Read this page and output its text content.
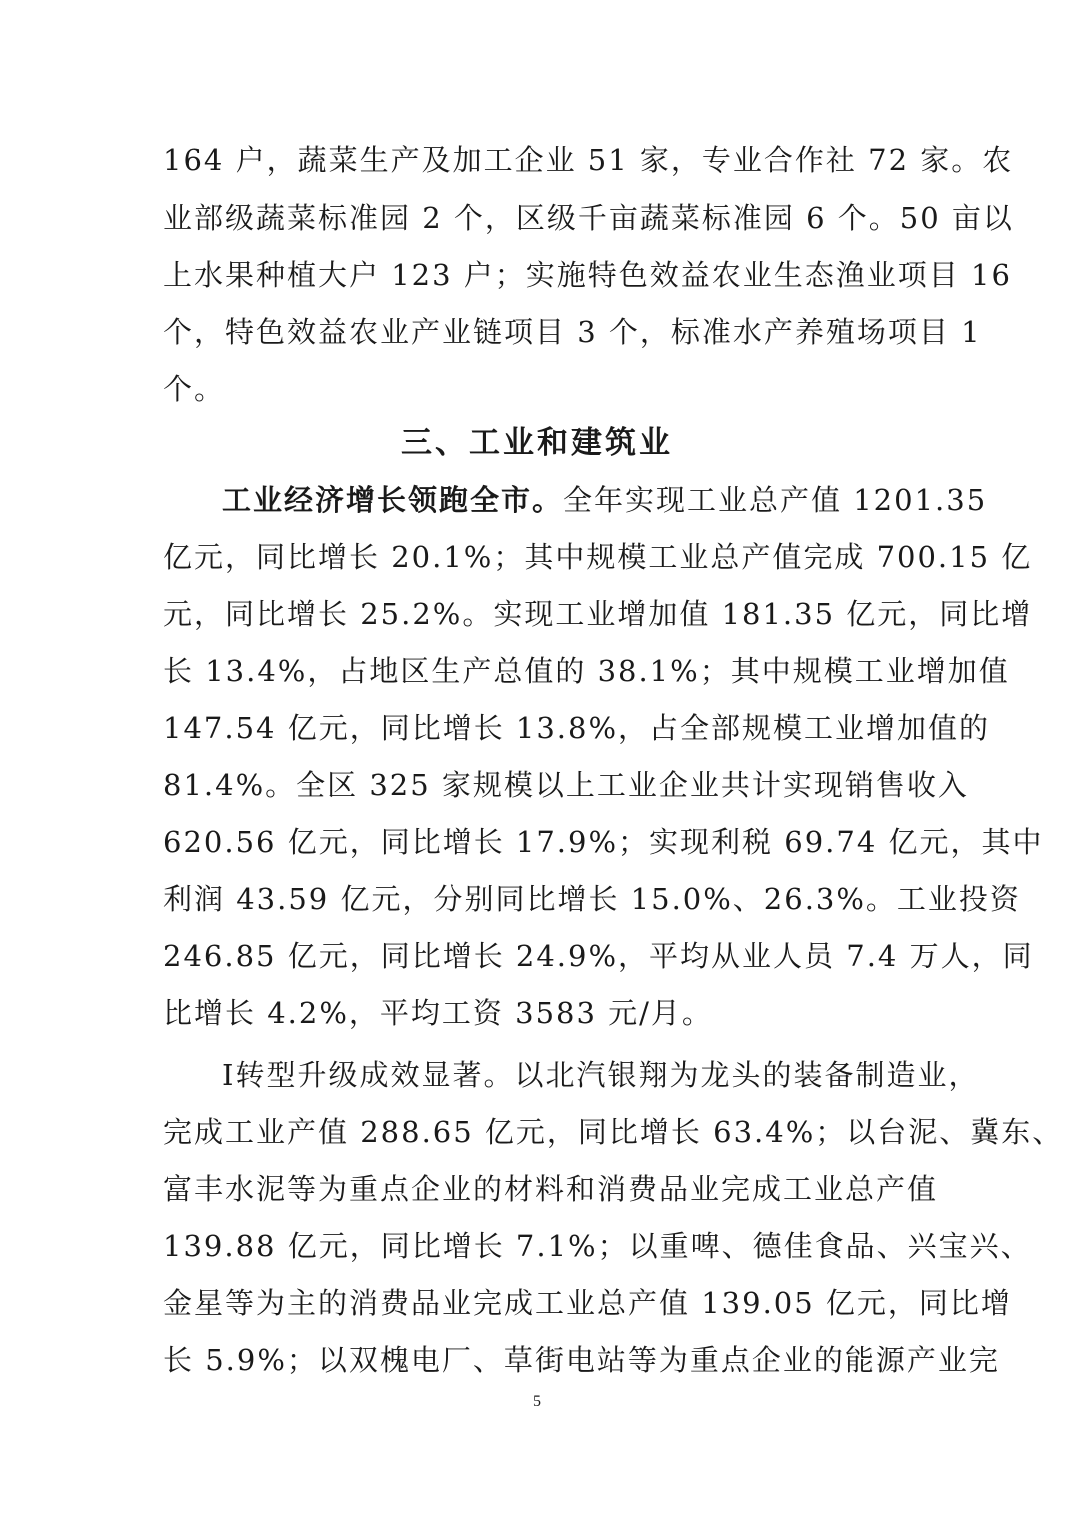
164 户，蔬菜生产及加工企业 51 家，专业合作社 72 家。农
业部级蔬菜标准园 2 个，区级千亩蔬菜标准园 6 个。50 亩以
上水果种植大户 123 户；实施特色效益农业生态渔业项目 16
个，特色效益农业产业链项目 3 个，标准水产养殖场项目 1
个。
三、工业和建筑业
工业经济增长领跑全市。全年实现工业总产值 1201.35
亿元，同比增长 20.1%；其中规模工业总产值完成 700.15 亿
元，同比增长 25.2%。实现工业增加值 181.35 亿元，同比增
长 13.4%，占地区生产总值的 38.1%；其中规模工业增加值
147.54 亿元，同比增长 13.8%，占全部规模工业增加值的
81.4%。全区 325 家规模以上工业企业共计实现销售收入
620.56 亿元，同比增长 17.9%；实现利税 69.74 亿元，其中
利润 43.59 亿元，分别同比增长 15.0%、26.3%。工业投资
246.85 亿元，同比增长 24.9%，平均从业人员 7.4 万人，同
比增长 4.2%，平均工资 3583 元/月。
Ⅰ转型升级成效显著。以北汽银翔为龙头的装备制造业，
完成工业产值 288.65 亿元，同比增长 63.4%；以台泥、冀东、
富丰水泥等为重点企业的材料和消费品业完成工业总产值
139.88 亿元，同比增长 7.1%；以重啤、德佳食品、兴宝兴、
金星等为主的消费品业完成工业总产值 139.05 亿元，同比增
长 5.9%；以双槐电厂、草街电站等为重点企业的能源产业完
5
